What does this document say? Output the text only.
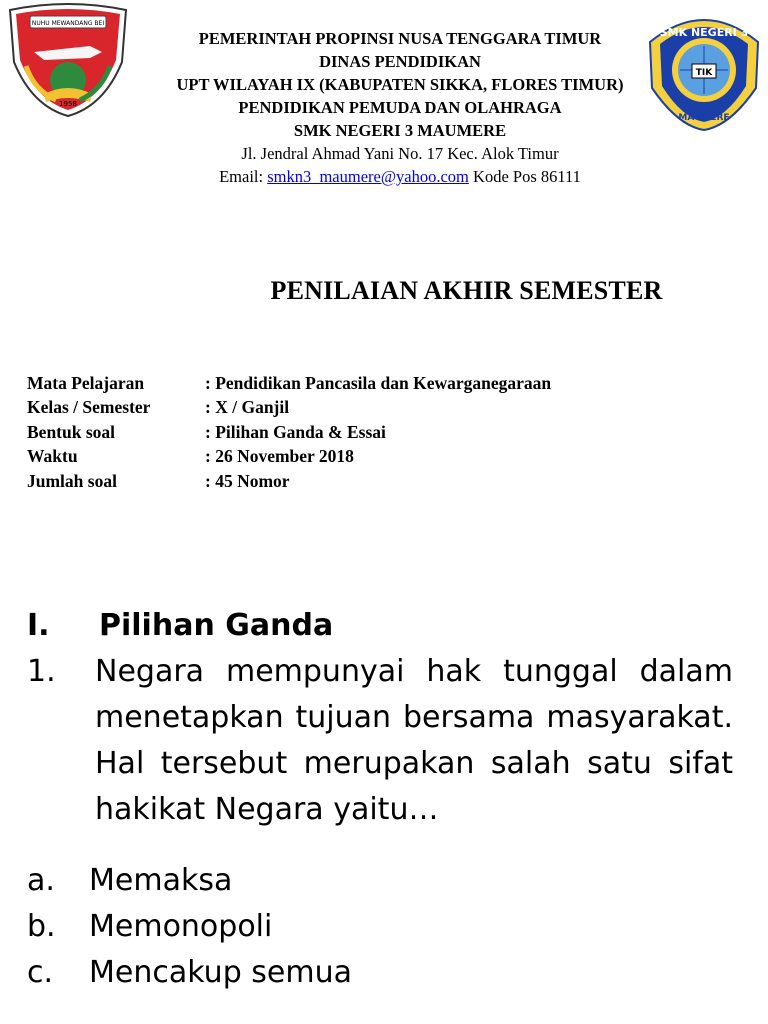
NUHU MEWANDANG BEI
1958
TIK
SMK NEGERI 3
MAUMERE
PEMERINTAH PROPINSI NUSA TENGGARA TIMUR
DINAS PENDIDIKAN
UPT WILAYAH IX (KABUPATEN SIKKA, FLORES TIMUR)
PENDIDIKAN PEMUDA DAN OLAHRAGA
SMK NEGERI 3 MAUMERE
Jl. Jendral Ahmad Yani No. 17 Kec. Alok Timur
Email: smkn3_maumere@yahoo.com Kode Pos 86111
PENILAIAN AKHIR SEMESTER
Mata Pelajaran	: Pendidikan Pancasila dan Kewarganegaraan
Kelas / Semester	: X / Ganjil
Bentuk soal	: Pilihan Ganda & Essai
Waktu	: 26 November 2018
Jumlah soal	: 45 Nomor
I.	Pilihan Ganda
1.	Negara mempunyai hak tunggal dalam menetapkan tujuan bersama masyarakat. Hal tersebut merupakan salah satu sifat hakikat Negara yaitu…
a.	Memaksa
b.	Memonopoli
c.	Mencakup semua
